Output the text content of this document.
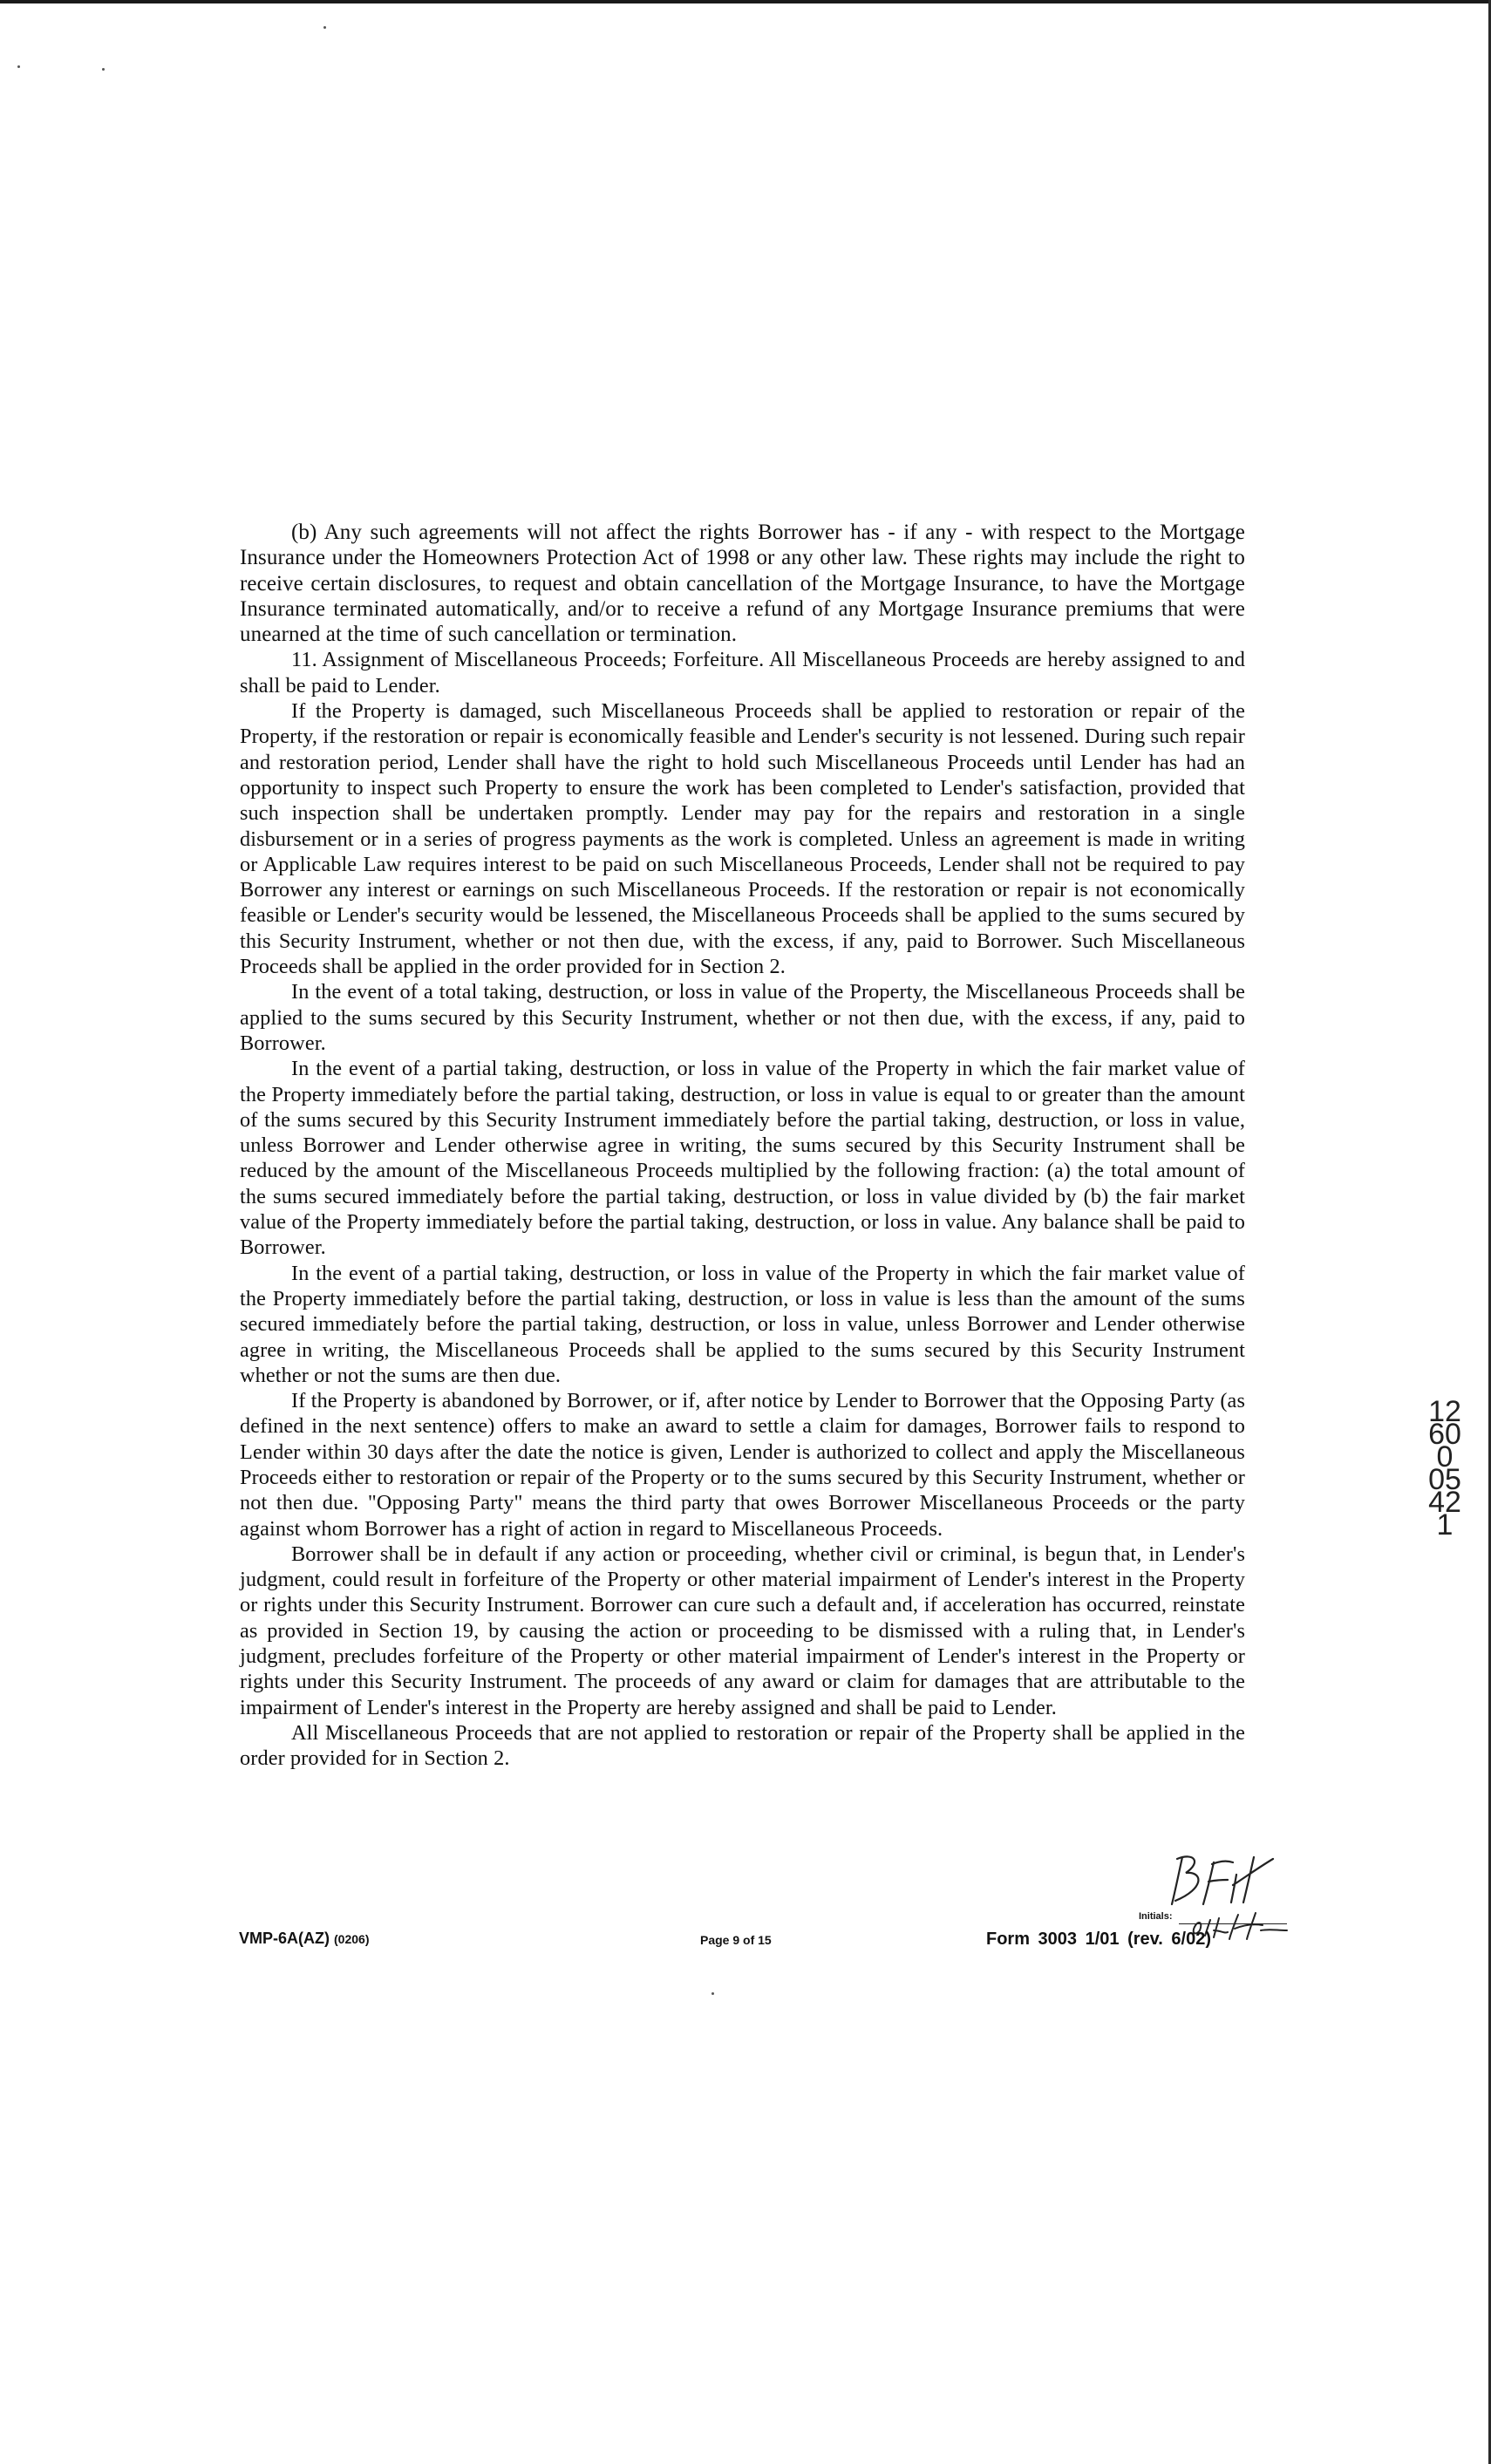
(b) Any such agreements will not affect the rights Borrower has - if any - with respect to the Mortgage Insurance under the Homeowners Protection Act of 1998 or any other law. These rights may include the right to receive certain disclosures, to request and obtain cancellation of the Mortgage Insurance, to have the Mortgage Insurance terminated automatically, and/or to receive a refund of any Mortgage Insurance premiums that were unearned at the time of such cancellation or termination.

11. Assignment of Miscellaneous Proceeds; Forfeiture. All Miscellaneous Proceeds are hereby assigned to and shall be paid to Lender.

If the Property is damaged, such Miscellaneous Proceeds shall be applied to restoration or repair of the Property, if the restoration or repair is economically feasible and Lender's security is not lessened. During such repair and restoration period, Lender shall have the right to hold such Miscellaneous Proceeds until Lender has had an opportunity to inspect such Property to ensure the work has been completed to Lender's satisfaction, provided that such inspection shall be undertaken promptly. Lender may pay for the repairs and restoration in a single disbursement or in a series of progress payments as the work is completed. Unless an agreement is made in writing or Applicable Law requires interest to be paid on such Miscellaneous Proceeds, Lender shall not be required to pay Borrower any interest or earnings on such Miscellaneous Proceeds. If the restoration or repair is not economically feasible or Lender's security would be lessened, the Miscellaneous Proceeds shall be applied to the sums secured by this Security Instrument, whether or not then due, with the excess, if any, paid to Borrower. Such Miscellaneous Proceeds shall be applied in the order provided for in Section 2.

In the event of a total taking, destruction, or loss in value of the Property, the Miscellaneous Proceeds shall be applied to the sums secured by this Security Instrument, whether or not then due, with the excess, if any, paid to Borrower.

In the event of a partial taking, destruction, or loss in value of the Property in which the fair market value of the Property immediately before the partial taking, destruction, or loss in value is equal to or greater than the amount of the sums secured by this Security Instrument immediately before the partial taking, destruction, or loss in value, unless Borrower and Lender otherwise agree in writing, the sums secured by this Security Instrument shall be reduced by the amount of the Miscellaneous Proceeds multiplied by the following fraction: (a) the total amount of the sums secured immediately before the partial taking, destruction, or loss in value divided by (b) the fair market value of the Property immediately before the partial taking, destruction, or loss in value. Any balance shall be paid to Borrower.

In the event of a partial taking, destruction, or loss in value of the Property in which the fair market value of the Property immediately before the partial taking, destruction, or loss in value is less than the amount of the sums secured immediately before the partial taking, destruction, or loss in value, unless Borrower and Lender otherwise agree in writing, the Miscellaneous Proceeds shall be applied to the sums secured by this Security Instrument whether or not the sums are then due.

If the Property is abandoned by Borrower, or if, after notice by Lender to Borrower that the Opposing Party (as defined in the next sentence) offers to make an award to settle a claim for damages, Borrower fails to respond to Lender within 30 days after the date the notice is given, Lender is authorized to collect and apply the Miscellaneous Proceeds either to restoration or repair of the Property or to the sums secured by this Security Instrument, whether or not then due. "Opposing Party" means the third party that owes Borrower Miscellaneous Proceeds or the party against whom Borrower has a right of action in regard to Miscellaneous Proceeds.

Borrower shall be in default if any action or proceeding, whether civil or criminal, is begun that, in Lender's judgment, could result in forfeiture of the Property or other material impairment of Lender's interest in the Property or rights under this Security Instrument. Borrower can cure such a default and, if acceleration has occurred, reinstate as provided in Section 19, by causing the action or proceeding to be dismissed with a ruling that, in Lender's judgment, precludes forfeiture of the Property or other material impairment of Lender's interest in the Property or rights under this Security Instrument. The proceeds of any award or claim for damages that are attributable to the impairment of Lender's interest in the Property are hereby assigned and shall be paid to Lender.

All Miscellaneous Proceeds that are not applied to restoration or repair of the Property shall be applied in the order provided for in Section 2.

12600 05421
Initials:
VMP-6A(AZ) (0206)	Page 9 of 15	Form 3003 1/01 (rev. 6/02)
